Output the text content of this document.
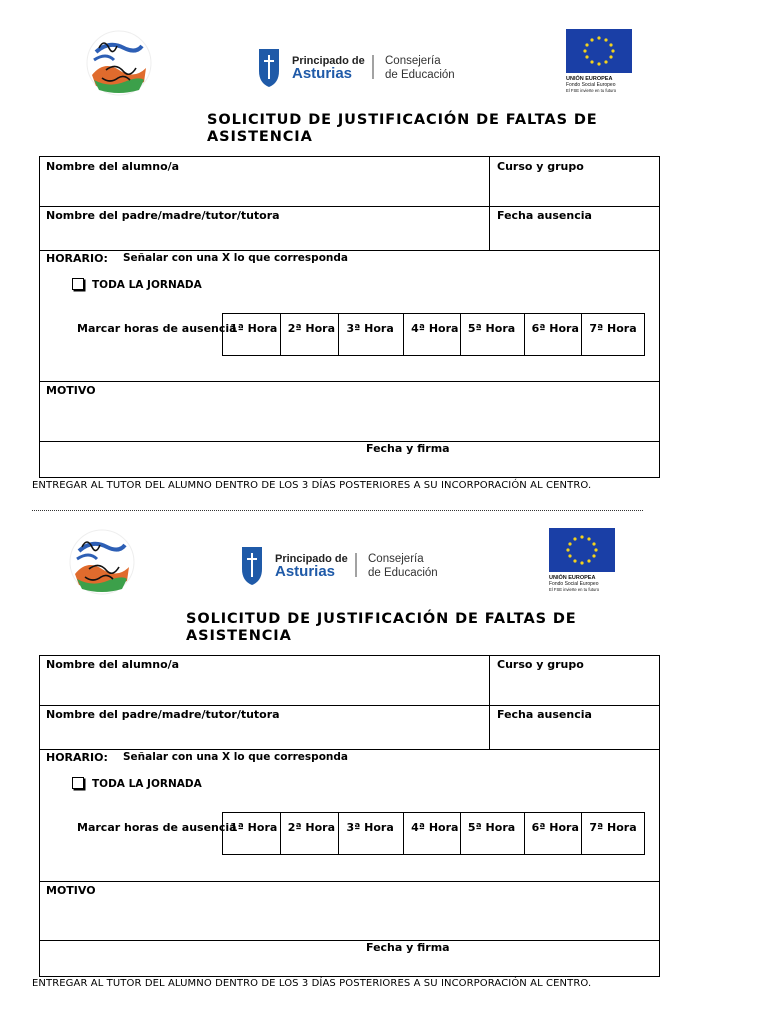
Principado de
Asturias
Consejería
de Educación	UNIÓN EUROPEA
Fondo Social Europeo
El FSE invierte en tu futuro
SOLICITUD DE JUSTIFICACIÓN DE FALTAS DE ASISTENCIA
Nombre del alumno/a	Curso y grupo
Nombre del padre/madre/tutor/tutora	Fecha ausencia
HORARIO: Señalar con una X lo que corresponda
TODA LA JORNADA
Marcar horas de ausencia
1ª Hora 2ª Hora	3ª Hora	4ª Hora 5ª Hora	6ª Hora 7ª Hora
MOTIVO
Fecha y firma
ENTREGAR AL TUTOR DEL ALUMNO DENTRO DE LOS 3 DÍAS POSTERIORES A SU INCORPORACIÓN AL CENTRO.
Principado de
Asturias
Consejería
de Educación	UNIÓN EUROPEA
Fondo Social Europeo
El FSE invierte en tu futuro
SOLICITUD DE JUSTIFICACIÓN DE FALTAS DE ASISTENCIA
Nombre del alumno/a	Curso y grupo
Nombre del padre/madre/tutor/tutora	Fecha ausencia
HORARIO: Señalar con una X lo que corresponda
TODA LA JORNADA
Marcar horas de ausencia
1ª Hora 2ª Hora	3ª Hora	4ª Hora 5ª Hora	6ª Hora 7ª Hora
MOTIVO
Fecha y firma
ENTREGAR AL TUTOR DEL ALUMNO DENTRO DE LOS 3 DÍAS POSTERIORES A SU INCORPORACIÓN AL CENTRO.
